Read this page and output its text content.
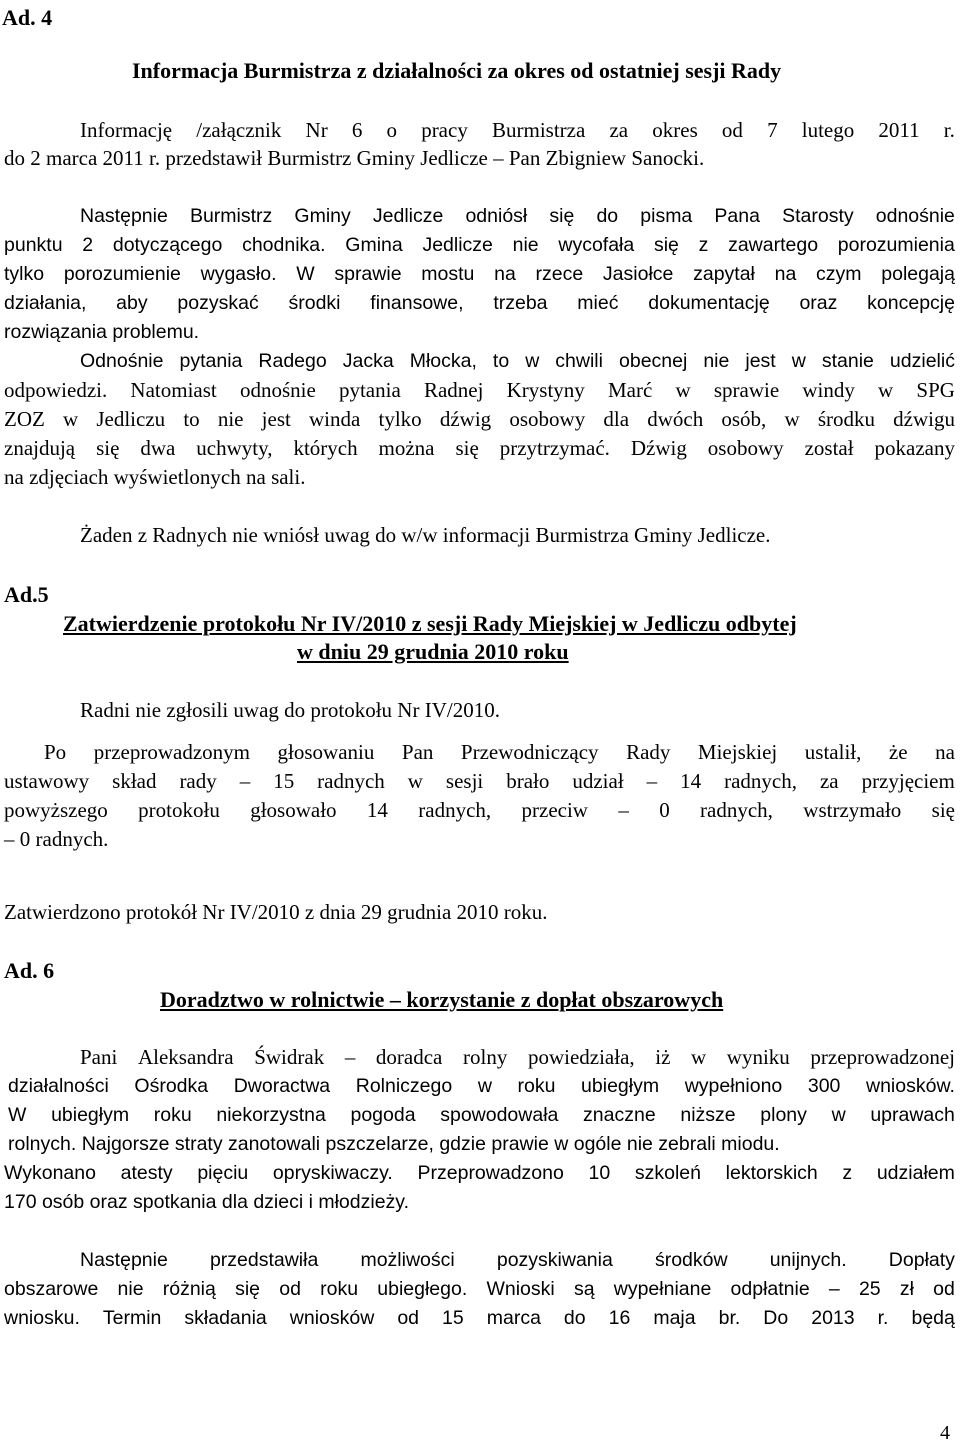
Ad. 4
Informacja Burmistrza z działalności za okres od ostatniej sesji Rady
Informację /załącznik Nr 6 o pracy Burmistrza za okres od 7 lutego 2011 r.
do 2 marca 2011 r. przedstawił Burmistrz Gminy Jedlicze – Pan Zbigniew Sanocki.
Następnie Burmistrz Gminy Jedlicze odniósł się do pisma Pana Starosty odnośnie
punktu 2 dotyczącego chodnika. Gmina Jedlicze nie wycofała się z zawartego porozumienia
tylko porozumienie wygasło. W sprawie mostu na rzece Jasiołce zapytał na czym polegają
działania, aby pozyskać środki finansowe, trzeba mieć dokumentację oraz koncepcję
rozwiązania problemu.
Odnośnie pytania Radego Jacka Młocka, to w chwili obecnej nie jest w stanie udzielić
odpowiedzi. Natomiast odnośnie pytania Radnej Krystyny Marć w sprawie windy w SPG
ZOZ w Jedliczu to nie jest winda tylko dźwig osobowy dla dwóch osób, w środku dźwigu
znajdują się dwa uchwyty, których można się przytrzymać. Dźwig osobowy został pokazany
na zdjęciach wyświetlonych na sali.
Żaden z Radnych nie wniósł uwag do w/w informacji Burmistrza Gminy Jedlicze.
Ad.5
Zatwierdzenie protokołu Nr IV/2010 z sesji Rady Miejskiej w Jedliczu odbytej
w dniu 29 grudnia 2010 roku
Radni nie zgłosili uwag do protokołu Nr IV/2010.
Po przeprowadzonym głosowaniu Pan Przewodniczący Rady Miejskiej ustalił, że na
ustawowy skład rady – 15 radnych w sesji brało udział – 14 radnych, za przyjęciem
powyższego protokołu głosowało 14 radnych, przeciw – 0 radnych, wstrzymało się
– 0 radnych.
Zatwierdzono protokół Nr IV/2010 z dnia 29 grudnia 2010 roku.
Ad. 6
Doradztwo w rolnictwie – korzystanie z dopłat obszarowych
Pani Aleksandra Świdrak – doradca rolny powiedziała, iż w wyniku przeprowadzonej
działalności Ośrodka Dworactwa Rolniczego w roku ubiegłym wypełniono 300 wniosków.
W ubiegłym roku niekorzystna pogoda spowodowała znaczne niższe plony w uprawach
rolnych. Najgorsze straty zanotowali pszczelarze, gdzie prawie w ogóle nie zebrali miodu.
Wykonano atesty pięciu opryskiwaczy. Przeprowadzono 10 szkoleń lektorskich z udziałem
170 osób oraz spotkania dla dzieci i młodzieży.
Następnie przedstawiła możliwości pozyskiwania środków unijnych. Dopłaty
obszarowe nie różnią się od roku ubiegłego. Wnioski są wypełniane odpłatnie – 25 zł od
wniosku. Termin składania wniosków od 15 marca do 16 maja br. Do 2013 r. będą
4
